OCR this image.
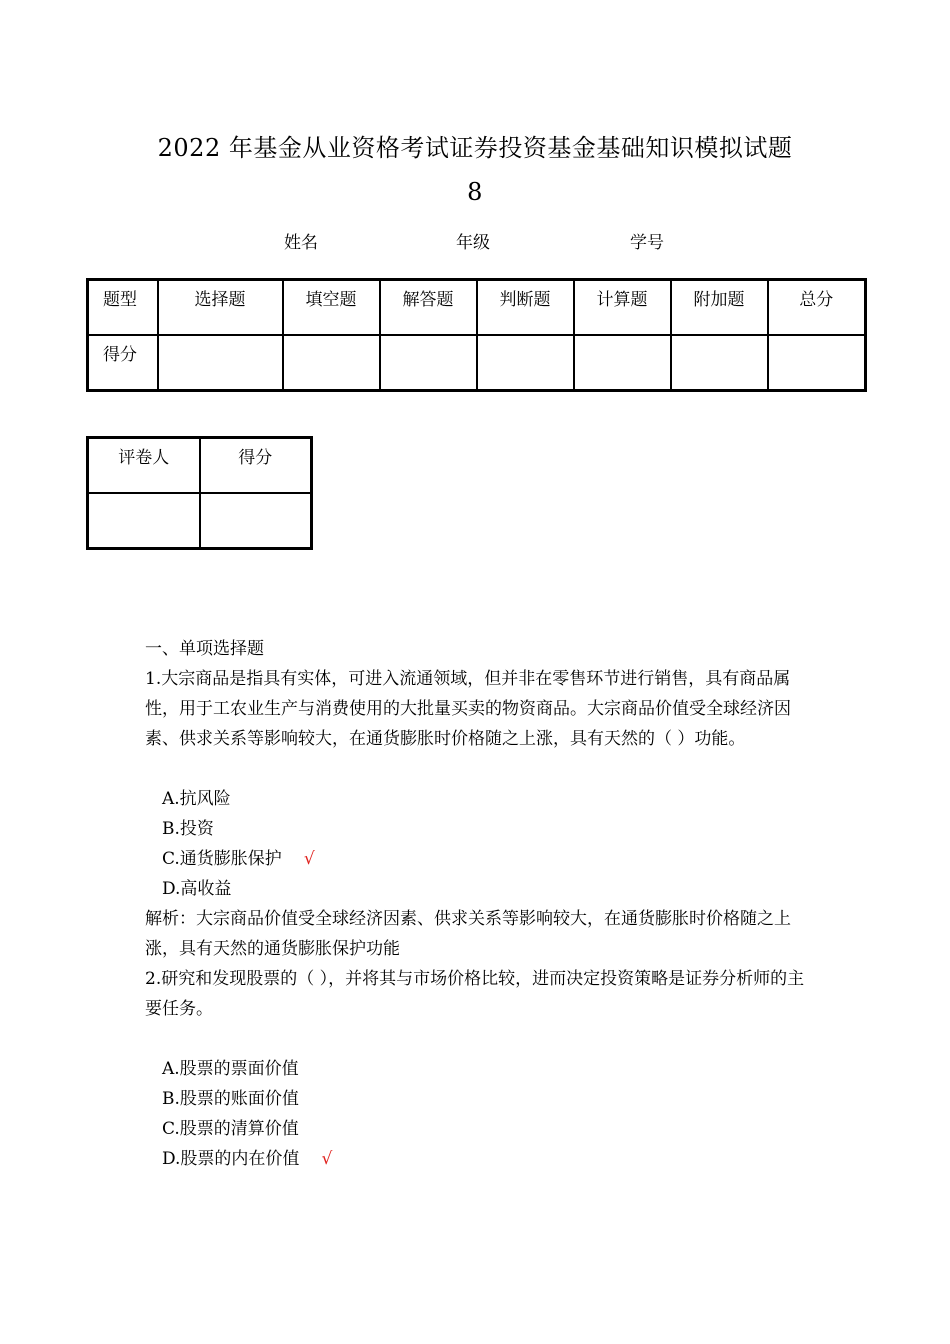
2022 年基金从业资格考试证券投资基金基础知识模拟试题
8
姓名	年级	学号
题型	选择题	填空题	解答题	判断题	计算题	附加题	总分
得分							
评卷人	得分

一、单项选择题

1.大宗商品是指具有实体，可进入流通领域，但并非在零售环节进行销售，具有商品属性，用于工农业生产与消费使用的大批量买卖的物资商品。大宗商品价值受全球经济因素、供求关系等影响较大，在通货膨胀时价格随之上涨，具有天然的（ ）功能。

A.抗风险

B.投资

C.通货膨胀保护 √

D.高收益

解析：大宗商品价值受全球经济因素、供求关系等影响较大，在通货膨胀时价格随之上涨，具有天然的通货膨胀保护功能

2.研究和发现股票的（ ），并将其与市场价格比较，进而决定投资策略是证券分析师的主要任务。

A.股票的票面价值

B.股票的账面价值

C.股票的清算价值

D.股票的内在价值 √
